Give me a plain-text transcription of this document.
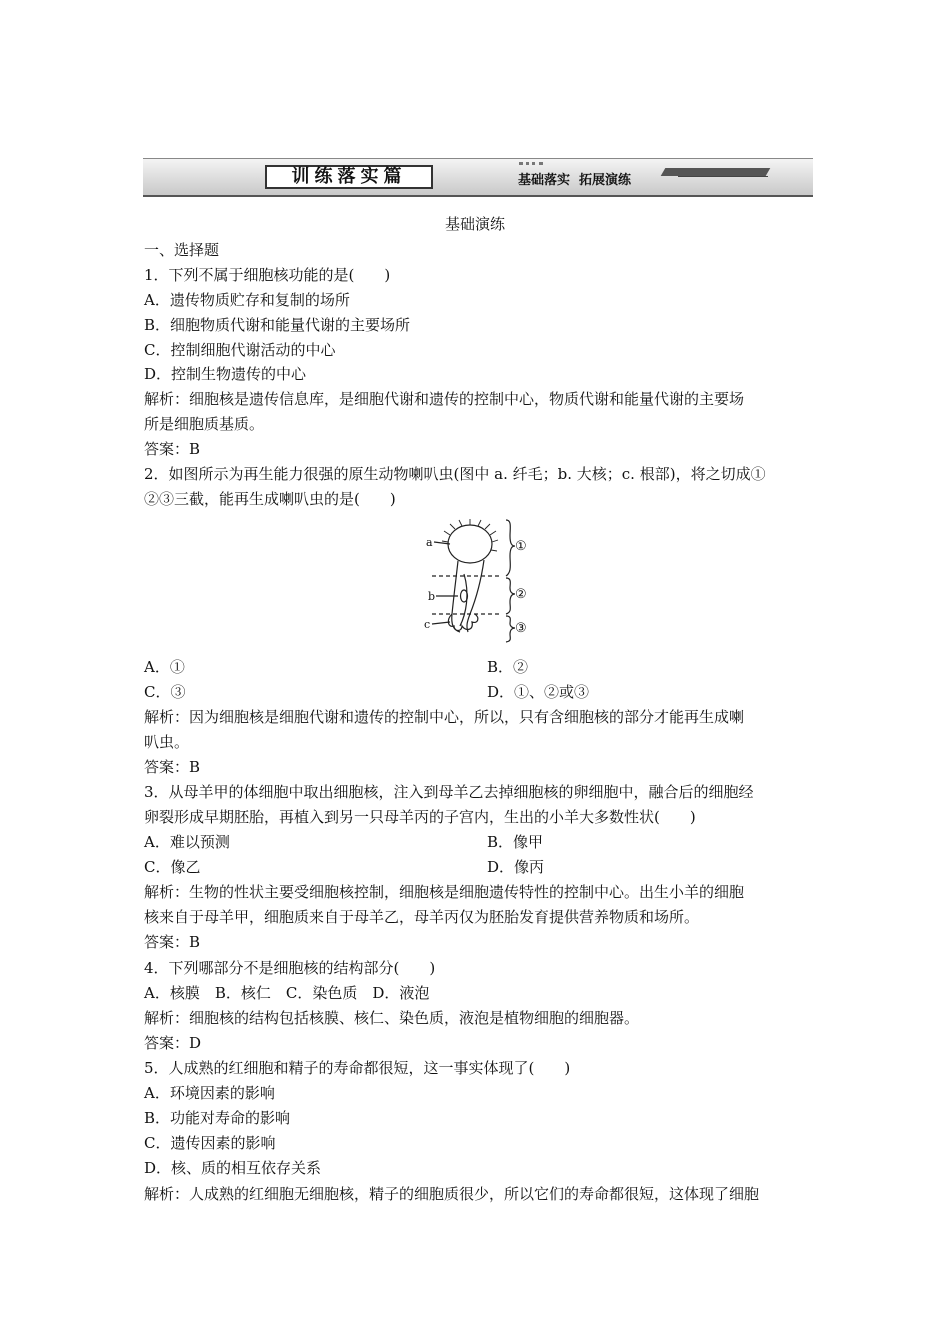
训练落实篇	基础落实  拓展演练
基础演练
一、选择题
1．下列不属于细胞核功能的是(　　)
A．遗传物质贮存和复制的场所
B．细胞物质代谢和能量代谢的主要场所
C．控制细胞代谢活动的中心
D．控制生物遗传的中心
解析：细胞核是遗传信息库，是细胞代谢和遗传的控制中心，物质代谢和能量代谢的主要场
所是细胞质基质。
答案：B
2．如图所示为再生能力很强的原生动物喇叭虫(图中 a. 纤毛；b. 大核；c. 根部)，将之切成①
②③三截，能再生成喇叭虫的是(　　)
a
b
c
①
②
③
A．①	B．②
C．③	D．①、②或③
解析：因为细胞核是细胞代谢和遗传的控制中心，所以，只有含细胞核的部分才能再生成喇
叭虫。
答案：B
3．从母羊甲的体细胞中取出细胞核，注入到母羊乙去掉细胞核的卵细胞中，融合后的细胞经
卵裂形成早期胚胎，再植入到另一只母羊丙的子宫内，生出的小羊大多数性状(　　)
A．难以预测	B．像甲
C．像乙	D．像丙
解析：生物的性状主要受细胞核控制，细胞核是细胞遗传特性的控制中心。出生小羊的细胞
核来自于母羊甲，细胞质来自于母羊乙，母羊丙仅为胚胎发育提供营养物质和场所。
答案：B
4．下列哪部分不是细胞核的结构部分(　　)
A．核膜　B．核仁　C．染色质　D．液泡
解析：细胞核的结构包括核膜、核仁、染色质，液泡是植物细胞的细胞器。
答案：D
5．人成熟的红细胞和精子的寿命都很短，这一事实体现了(　　)
A．环境因素的影响
B．功能对寿命的影响
C．遗传因素的影响
D．核、质的相互依存关系
解析：人成熟的红细胞无细胞核，精子的细胞质很少，所以它们的寿命都很短，这体现了细胞
